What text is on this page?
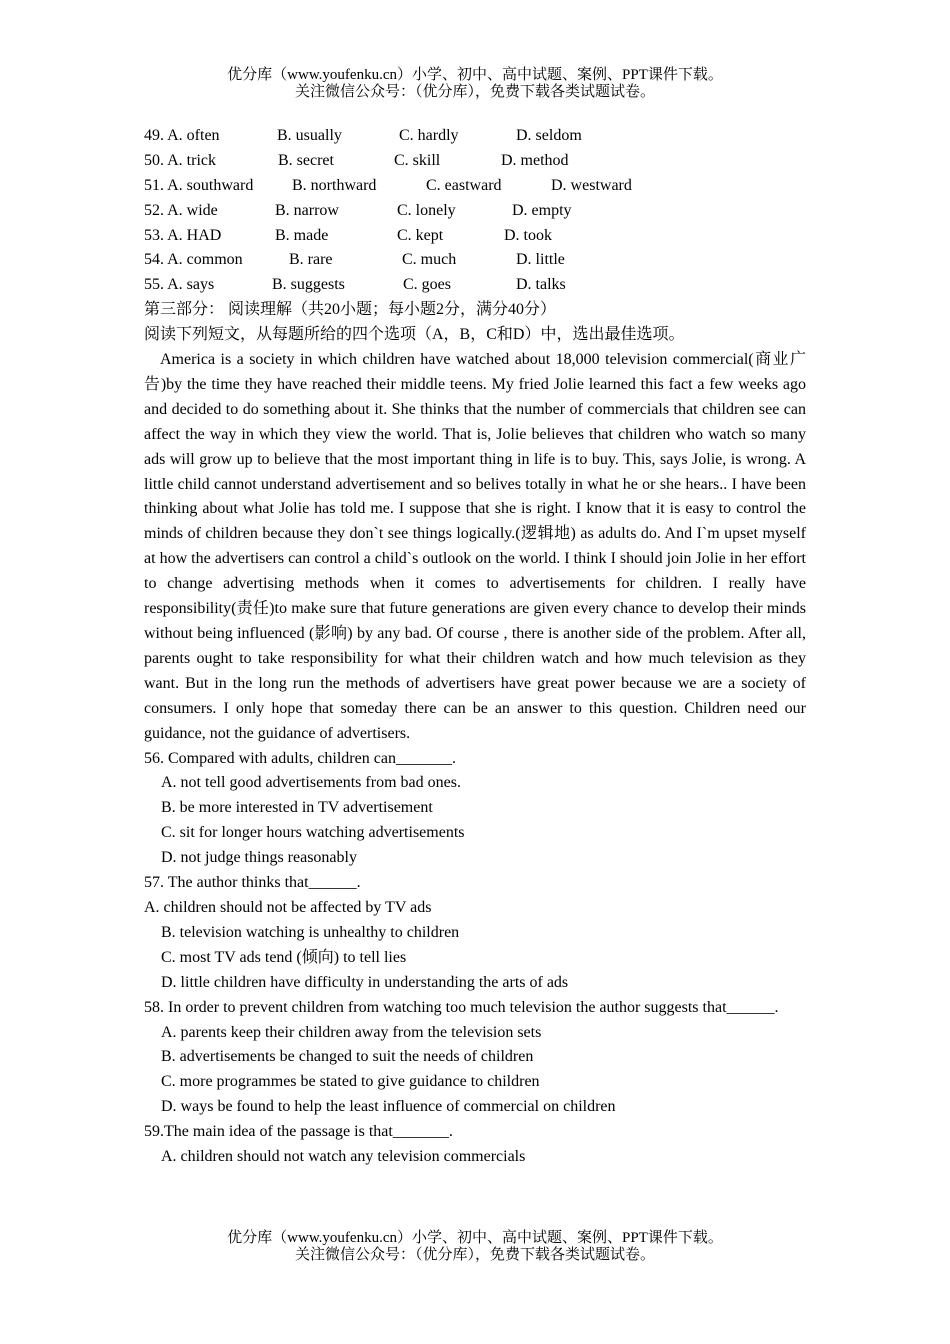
优分库（www.youfenku.cn）小学、初中、高中试题、案例、PPT课件下载。
关注微信公众号：（优分库），免费下载各类试题试卷。
49. A. often	B. usually	C. hardly	D. seldom
50. A. trick	B. secret	C. skill	D. method
51. A. southward B. northward	C. eastward	D. westward
52. A. wide	B. narrow	C. lonely	D. empty
53. A. HAD	B. made	C. kept	D. took
54. A. common	B. rare	C. much	D. little
55. A. says	B. suggests	C. goes	D. talks
第三部分： 阅读理解（共20小题；每小题2分，满分40分）
阅读下列短文，从每题所给的四个选项（A，B，C和D）中，选出最佳选项。
America is a society in which children have watched about 18,000 television commercial(商业广告)by the time they have reached their middle teens. My fried Jolie learned this fact a few weeks ago and decided to do something about it. She thinks that the number of commercials that children see can affect the way in which they view the world. That is, Jolie believes that children who watch so many ads will grow up to believe that the most important thing in life is to buy. This, says Jolie, is wrong. A little child cannot understand advertisement and so belives totally in what he or she hears.. I have been thinking about what Jolie has told me. I suppose that she is right. I know that it is easy to control the minds of children because they don`t see things logically.(逻辑地) as adults do. And I`m upset myself at how the advertisers can control a child`s outlook on the world. I think I should join Jolie in her effort to change advertising methods when it comes to advertisements for children. I really have responsibility(责任)to make sure that future generations are given every chance to develop their minds without being influenced (影响) by any bad. Of course , there is another side of the problem. After all, parents ought to take responsibility for what their children watch and how much television as they want. But in the long run the methods of advertisers have great power because we are a society of consumers. I only hope that someday there can be an answer to this question. Children need our guidance, not the guidance of advertisers.
56. Compared with adults, children can_______.
A. not tell good advertisements from bad ones.
B. be more interested in TV advertisement
C. sit for longer hours watching advertisements
D. not judge things reasonably
57. The author thinks that______.
A. children should not be affected by TV ads
B. television watching is unhealthy to children
C. most TV ads tend (倾向) to tell lies
D. little children have difficulty in understanding the arts of ads
58. In order to prevent children from watching too much television the author suggests that______.
A. parents keep their children away from the television sets
B. advertisements be changed to suit the needs of children
C. more programmes be stated to give guidance to children
D. ways be found to help the least influence of commercial on children
59.The main idea of the passage is that_______.
A. children should not watch any television commercials
优分库（www.youfenku.cn）小学、初中、高中试题、案例、PPT课件下载。
关注微信公众号：（优分库），免费下载各类试题试卷。
